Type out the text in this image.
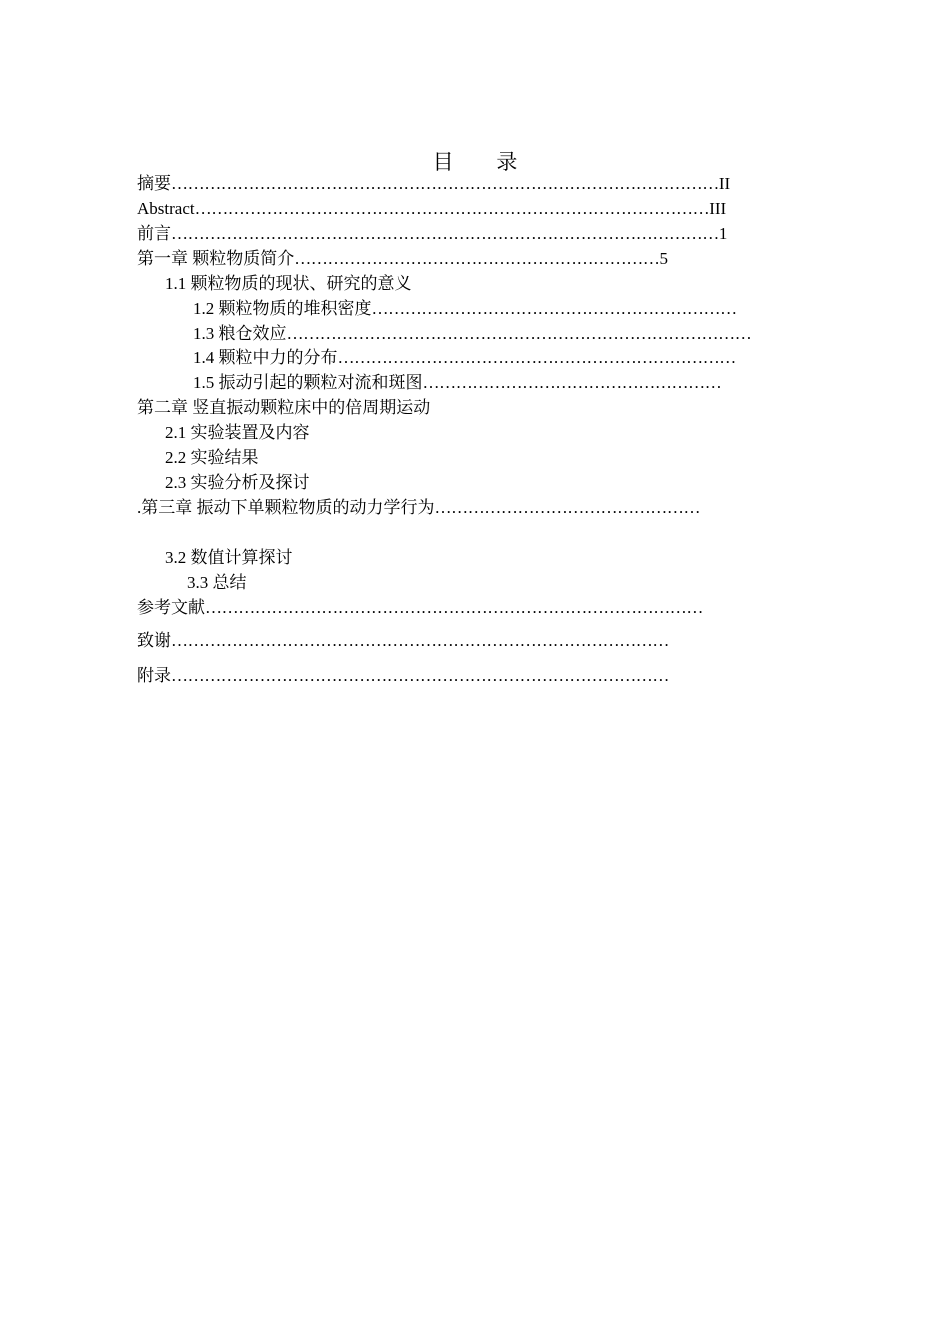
目 录
摘要………………………………………………………………………………………II
Abstract…………………………………………………………………………………III
前言………………………………………………………………………………………1
第一章 颗粒物质简介…………………………………………………………5
1.1 颗粒物质的现状、研究的意义
1.2 颗粒物质的堆积密度…………………………………………………………
1.3 粮仓效应…………………………………………………………………………
1.4 颗粒中力的分布………………………………………………………………
1.5 振动引起的颗粒对流和斑图………………………………………………
第二章 竖直振动颗粒床中的倍周期运动
2.1 实验装置及内容
2.2 实验结果
2.3 实验分析及探讨
.第三章 振动下单颗粒物质的动力学行为…………………………………………

3.2 数值计算探讨
3.3 总结
参考文献………………………………………………………………………………
致谢………………………………………………………………………………
附录………………………………………………………………………………
